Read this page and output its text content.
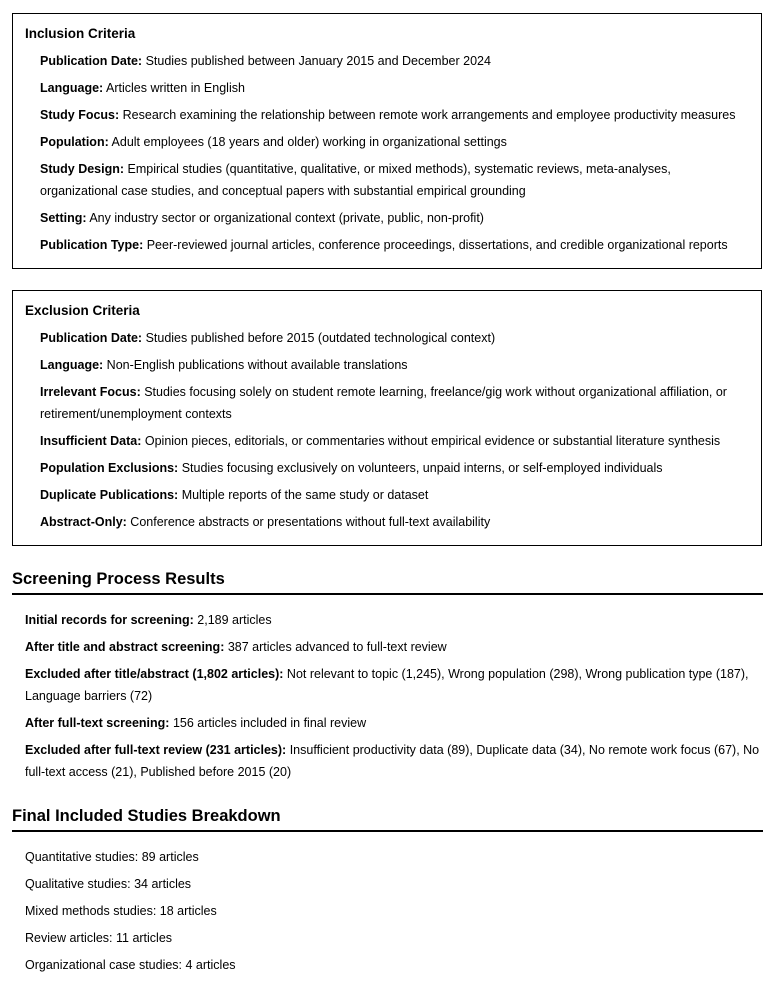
Inclusion Criteria
Publication Date: Studies published between January 2015 and December 2024
Language: Articles written in English
Study Focus: Research examining the relationship between remote work arrangements and employee productivity measures
Population: Adult employees (18 years and older) working in organizational settings
Study Design: Empirical studies (quantitative, qualitative, or mixed methods), systematic reviews, meta-analyses, organizational case studies, and conceptual papers with substantial empirical grounding
Setting: Any industry sector or organizational context (private, public, non-profit)
Publication Type: Peer-reviewed journal articles, conference proceedings, dissertations, and credible organizational reports
Exclusion Criteria
Publication Date: Studies published before 2015 (outdated technological context)
Language: Non-English publications without available translations
Irrelevant Focus: Studies focusing solely on student remote learning, freelance/gig work without organizational affiliation, or retirement/unemployment contexts
Insufficient Data: Opinion pieces, editorials, or commentaries without empirical evidence or substantial literature synthesis
Population Exclusions: Studies focusing exclusively on volunteers, unpaid interns, or self-employed individuals
Duplicate Publications: Multiple reports of the same study or dataset
Abstract-Only: Conference abstracts or presentations without full-text availability
Screening Process Results
Initial records for screening: 2,189 articles
After title and abstract screening: 387 articles advanced to full-text review
Excluded after title/abstract (1,802 articles): Not relevant to topic (1,245), Wrong population (298), Wrong publication type (187), Language barriers (72)
After full-text screening: 156 articles included in final review
Excluded after full-text review (231 articles): Insufficient productivity data (89), Duplicate data (34), No remote work focus (67), No full-text access (21), Published before 2015 (20)
Final Included Studies Breakdown
Quantitative studies: 89 articles
Qualitative studies: 34 articles
Mixed methods studies: 18 articles
Review articles: 11 articles
Organizational case studies: 4 articles
